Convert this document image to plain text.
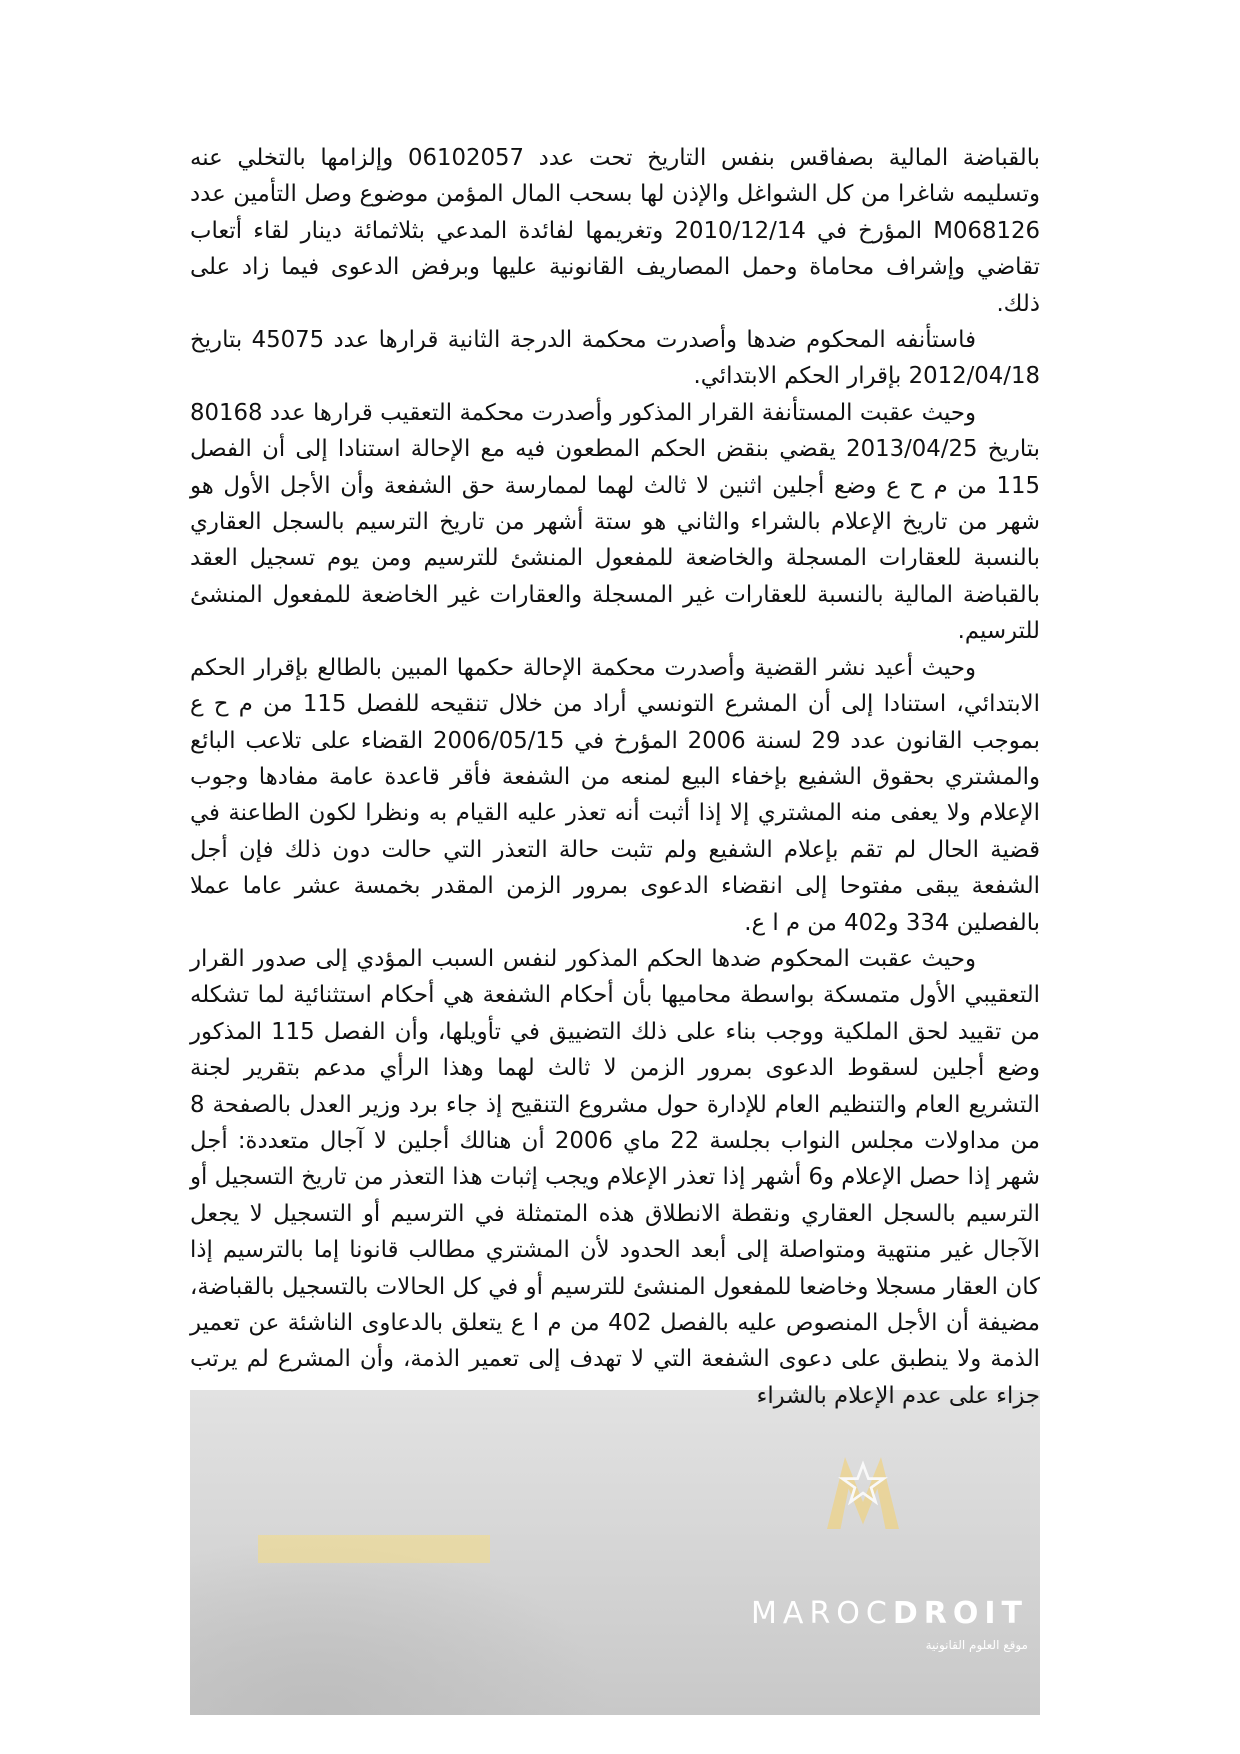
بالقباضة المالية بصفاقس بنفس التاريخ تحت عدد 06102057 وإلزامها بالتخلي عنه وتسليمه شاغرا من كل الشواغل والإذن لها بسحب المال المؤمن موضوع وصل التأمين عدد M068126 المؤرخ في 2010/12/14 وتغريمها لفائدة المدعي بثلاثمائة دينار لقاء أتعاب تقاضي وإشراف محاماة وحمل المصاريف القانونية عليها وبرفض الدعوى فيما زاد على ذلك.

فاستأنفه المحكوم ضدها وأصدرت محكمة الدرجة الثانية قرارها عدد 45075 بتاريخ 2012/04/18 بإقرار الحكم الابتدائي.

وحيث عقبت المستأنفة القرار المذكور وأصدرت محكمة التعقيب قرارها عدد 80168 بتاريخ 2013/04/25 يقضي بنقض الحكم المطعون فيه مع الإحالة استنادا إلى أن الفصل 115 من م ح ع وضع أجلين اثنين لا ثالث لهما لممارسة حق الشفعة وأن الأجل الأول هو شهر من تاريخ الإعلام بالشراء والثاني هو ستة أشهر من تاريخ الترسيم بالسجل العقاري بالنسبة للعقارات المسجلة والخاضعة للمفعول المنشئ للترسيم ومن يوم تسجيل العقد بالقباضة المالية بالنسبة للعقارات غير المسجلة والعقارات غير الخاضعة للمفعول المنشئ للترسيم.

وحيث أعيد نشر القضية وأصدرت محكمة الإحالة حكمها المبين بالطالع بإقرار الحكم الابتدائي، استنادا إلى أن المشرع التونسي أراد من خلال تنقيحه للفصل 115 من م ح ع بموجب القانون عدد 29 لسنة 2006 المؤرخ في 2006/05/15 القضاء على تلاعب البائع والمشتري بحقوق الشفيع بإخفاء البيع لمنعه من الشفعة فأقر قاعدة عامة مفادها وجوب الإعلام ولا يعفى منه المشتري إلا إذا أثبت أنه تعذر عليه القيام به ونظرا لكون الطاعنة في قضية الحال لم تقم بإعلام الشفيع ولم تثبت حالة التعذر التي حالت دون ذلك فإن أجل الشفعة يبقى مفتوحا إلى انقضاء الدعوى بمرور الزمن المقدر بخمسة عشر عاما عملا بالفصلين 334 و402 من م ا ع.

وحيث عقبت المحكوم ضدها الحكم المذكور لنفس السبب المؤدي إلى صدور القرار التعقيبي الأول متمسكة بواسطة محاميها بأن أحكام الشفعة هي أحكام استثنائية لما تشكله من تقييد لحق الملكية ووجب بناء على ذلك التضييق في تأويلها، وأن الفصل 115 المذكور وضع أجلين لسقوط الدعوى بمرور الزمن لا ثالث لهما وهذا الرأي مدعم بتقرير لجنة التشريع العام والتنظيم العام للإدارة حول مشروع التنقيح إذ جاء برد وزير العدل بالصفحة 8 من مداولات مجلس النواب بجلسة 22 ماي 2006 أن هنالك أجلين لا آجال متعددة: أجل شهر إذا حصل الإعلام و6 أشهر إذا تعذر الإعلام ويجب إثبات هذا التعذر من تاريخ التسجيل أو الترسيم بالسجل العقاري ونقطة الانطلاق هذه المتمثلة في الترسيم أو التسجيل لا يجعل الآجال غير منتهية ومتواصلة إلى أبعد الحدود لأن المشتري مطالب قانونا إما بالترسيم إذا كان العقار مسجلا وخاضعا للمفعول المنشئ للترسيم أو في كل الحالات بالتسجيل بالقباضة، مضيفة أن الأجل المنصوص عليه بالفصل 402 من م ا ع يتعلق بالدعاوى الناشئة عن تعمير الذمة ولا ينطبق على دعوى الشفعة التي لا تهدف إلى تعمير الذمة، وأن المشرع لم يرتب جزاء على عدم الإعلام بالشراء

MAROCDROIT
موقع العلوم القانونية
